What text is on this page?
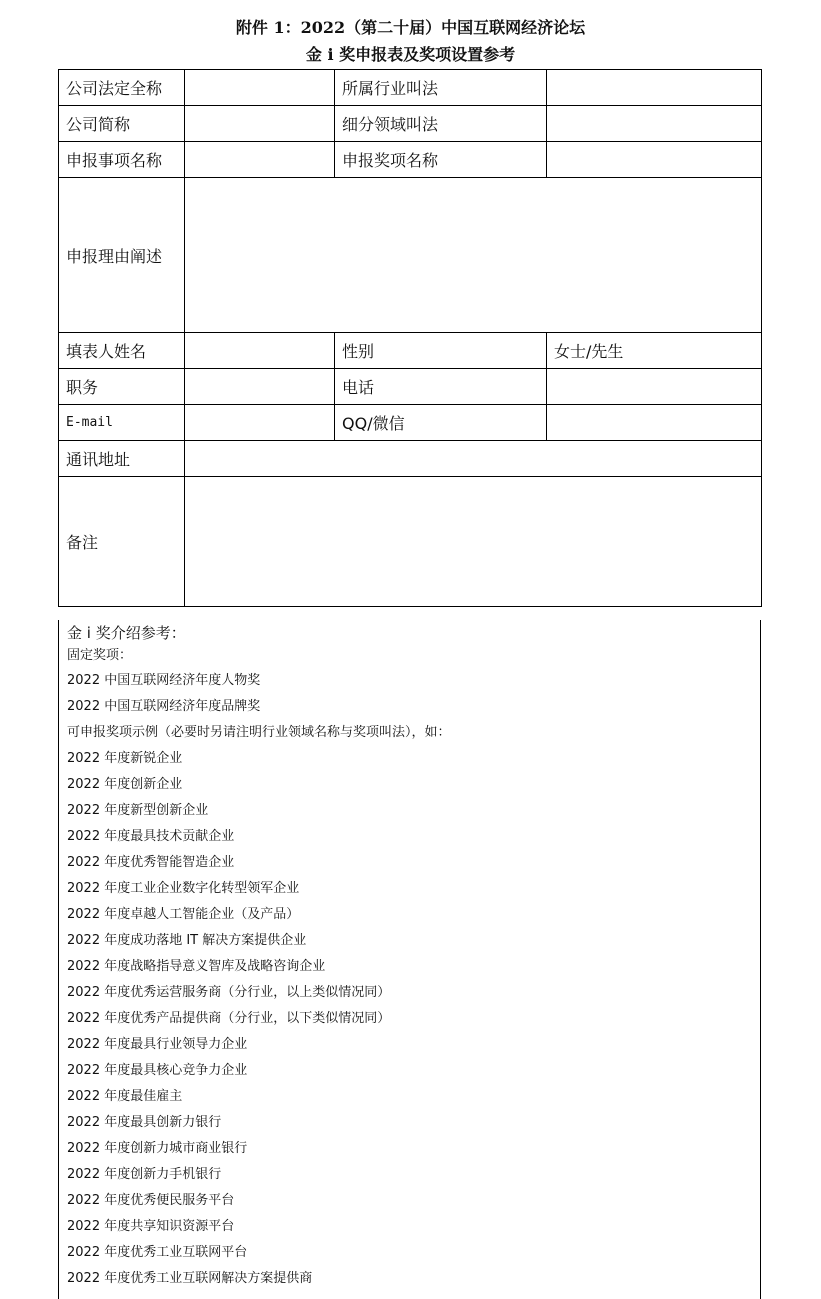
附件 1：2022（第二十届）中国互联网经济论坛
金 i 奖申报表及奖项设置参考
公司法定全称		所属行业叫法	
公司简称		细分领域叫法	
申报事项名称		申报奖项名称	
申报理由阐述			
填表人姓名		性别	女士/先生
职务		电话	
E-mail		QQ/微信	
通讯地址			
备注			
金 i 奖介绍参考：
固定奖项：
2022 中国互联网经济年度人物奖
2022 中国互联网经济年度品牌奖
可申报奖项示例（必要时另请注明行业领域名称与奖项叫法），如：
2022 年度新锐企业
2022 年度创新企业
2022 年度新型创新企业
2022 年度最具技术贡献企业
2022 年度优秀智能智造企业
2022 年度工业企业数字化转型领军企业
2022 年度卓越人工智能企业（及产品）
2022 年度成功落地 IT 解决方案提供企业
2022 年度战略指导意义智库及战略咨询企业
2022 年度优秀运营服务商（分行业，以上类似情况同）
2022 年度优秀产品提供商（分行业，以下类似情况同）
2022 年度最具行业领导力企业
2022 年度最具核心竞争力企业
2022 年度最佳雇主
2022 年度最具创新力银行
2022 年度创新力城市商业银行
2022 年度创新力手机银行
2022 年度优秀便民服务平台
2022 年度共享知识资源平台
2022 年度优秀工业互联网平台
2022 年度优秀工业互联网解决方案提供商
